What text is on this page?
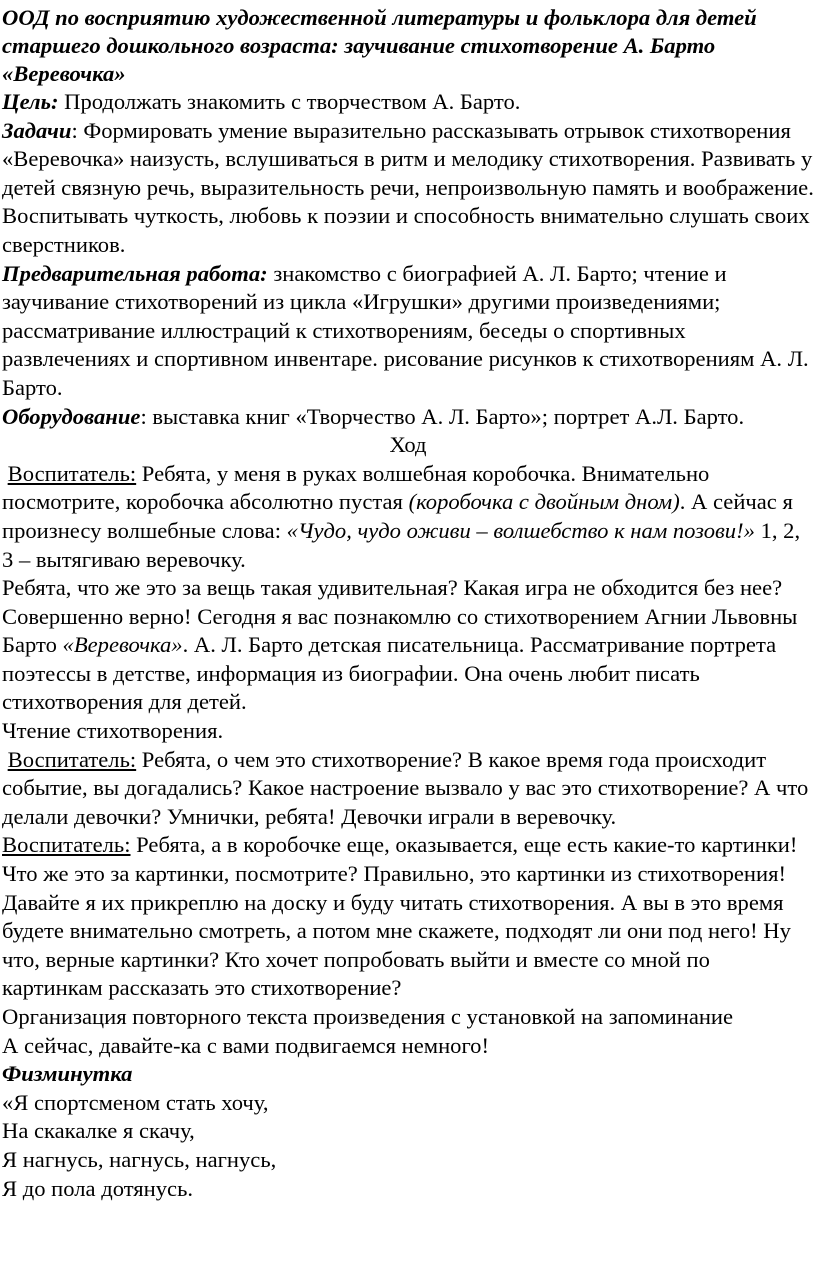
ООД по восприятию художественной литературы и фольклора для детей старшего дошкольного возраста: заучивание стихотворение А. Барто «Веревочка»

Цель: Продолжать знакомить с творчеством А. Барто.

Задачи: Формировать умение выразительно рассказывать отрывок стихотворения «Веревочка» наизусть, вслушиваться в ритм и мелодику стихотворения. Развивать у детей связную речь, выразительность речи, непроизвольную память и воображение. Воспитывать чуткость, любовь к поэзии и способность внимательно слушать своих сверстников.

Предварительная работа: знакомство с биографией А. Л. Барто; чтение и заучивание стихотворений из цикла «Игрушки» другими произведениями; рассматривание иллюстраций к стихотворениям, беседы о спортивных развлечениях и спортивном инвентаре. рисование рисунков к стихотворениям А. Л. Барто.

Оборудование: выставка книг «Творчество А. Л. Барто»; портрет А.Л. Барто.

Ход

Воспитатель: Ребята, у меня в руках волшебная коробочка. Внимательно посмотрите, коробочка абсолютно пустая (коробочка с двойным дном). А сейчас я произнесу волшебные слова: «Чудо, чудо оживи – волшебство к нам позови!» 1, 2, 3 – вытягиваю веревочку.

Ребята, что же это за вещь такая удивительная? Какая игра не обходится без нее? Совершенно верно! Сегодня я вас познакомлю со стихотворением Агнии Львовны Барто «Веревочка». А. Л. Барто детская писательница. Рассматривание портрета поэтессы в детстве, информация из биографии. Она очень любит писать стихотворения для детей.

Чтение стихотворения.

Воспитатель: Ребята, о чем это стихотворение? В какое время года происходит событие, вы догадались? Какое настроение вызвало у вас это стихотворение? А что делали девочки? Умнички, ребята! Девочки играли в веревочку.

Воспитатель: Ребята, а в коробочке еще, оказывается, еще есть какие-то картинки! Что же это за картинки, посмотрите? Правильно, это картинки из стихотворения! Давайте я их прикреплю на доску и буду читать стихотворения. А вы в это время будете внимательно смотреть, а потом мне скажете, подходят ли они под него! Ну что, верные картинки? Кто хочет попробовать выйти и вместе со мной по картинкам рассказать это стихотворение?

Организация повторного текста произведения с установкой на запоминание

А сейчас, давайте-ка с вами подвигаемся немного!

Физминутка

«Я спортсменом стать хочу,

На скакалке я скачу,

Я нагнусь, нагнусь, нагнусь,

Я до пола дотянусь.
